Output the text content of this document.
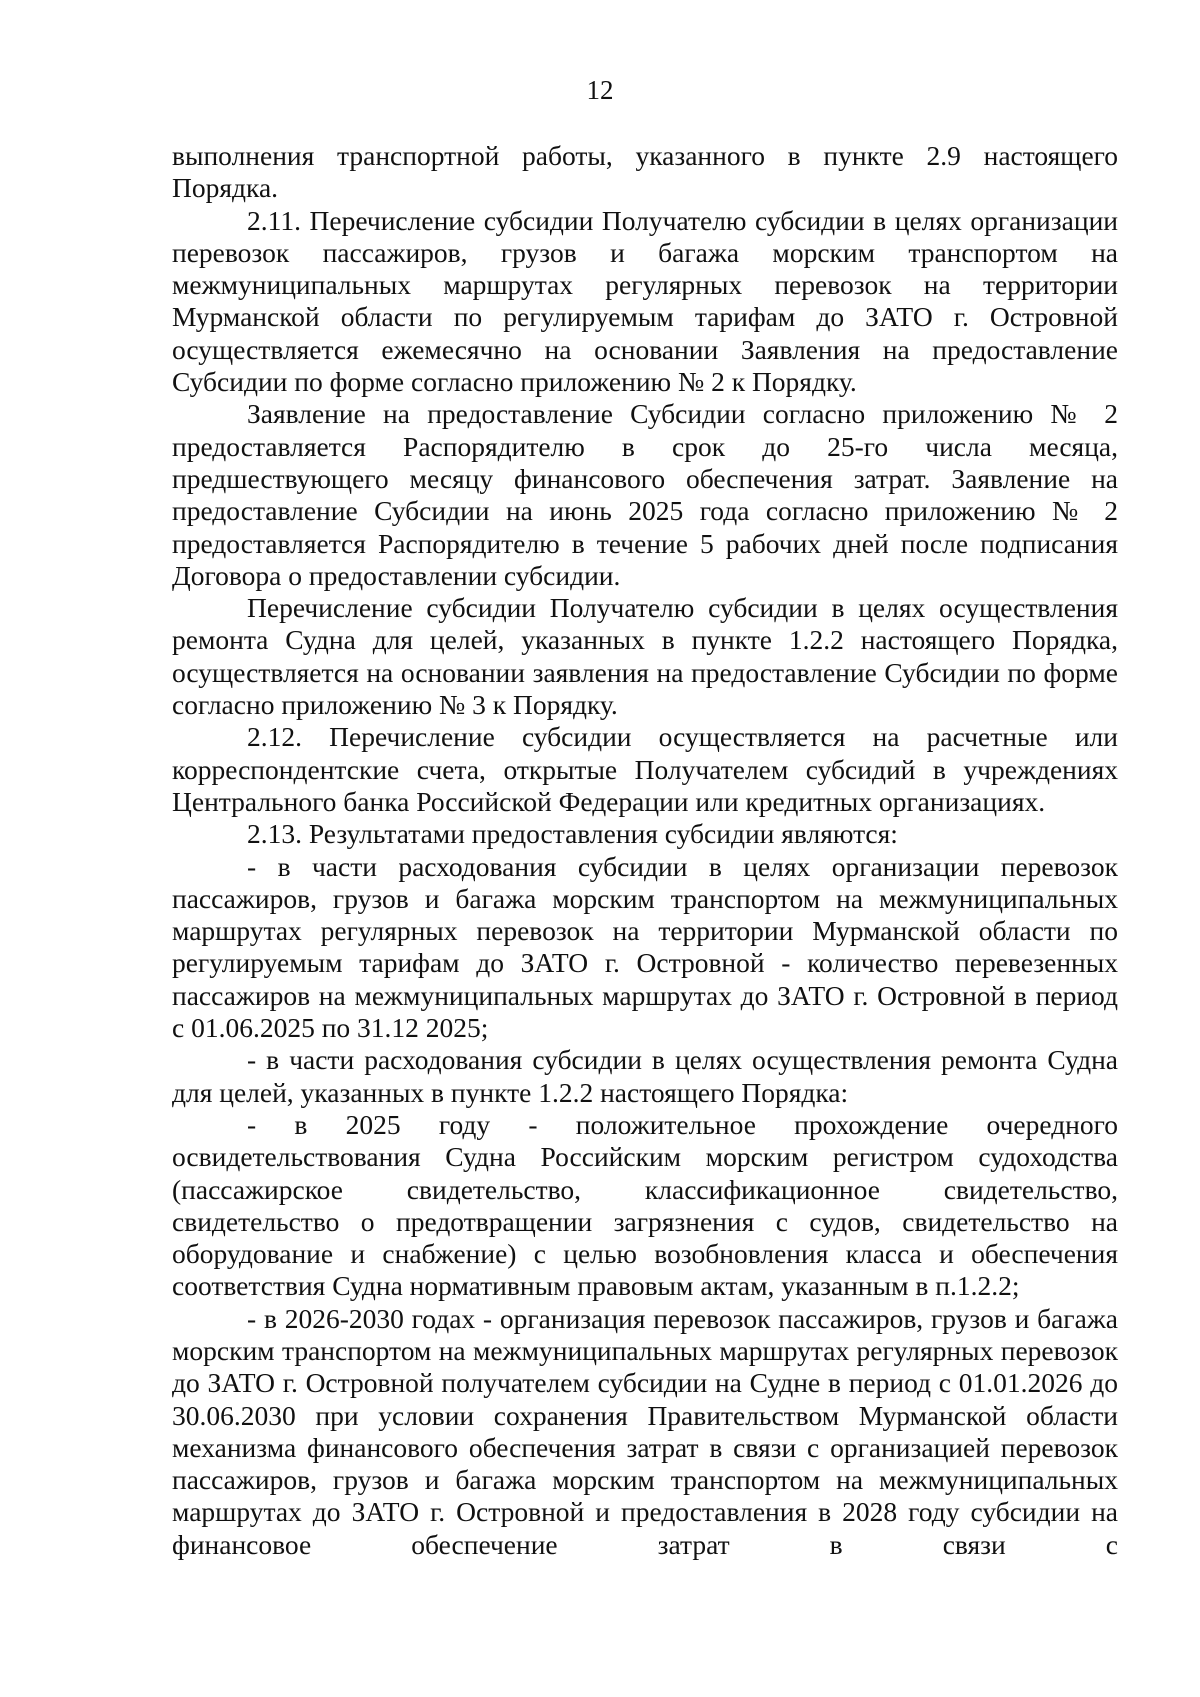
12

выполнения транспортной работы, указанного в пункте 2.9 настоящего Порядка.

2.11. Перечисление субсидии Получателю субсидии в целях организации перевозок пассажиров, грузов и багажа морским транспортом на межмуниципальных маршрутах регулярных перевозок на территории Мурманской области по регулируемым тарифам до ЗАТО г. Островной осуществляется ежемесячно на основании Заявления на предоставление Субсидии по форме согласно приложению № 2 к Порядку.

Заявление на предоставление Субсидии согласно приложению № 2 предоставляется Распорядителю в срок до 25-го числа месяца, предшествующего месяцу финансового обеспечения затрат. Заявление на предоставление Субсидии на июнь 2025 года согласно приложению № 2 предоставляется Распорядителю в течение 5 рабочих дней после подписания Договора о предоставлении субсидии.

Перечисление субсидии Получателю субсидии в целях осуществления ремонта Судна для целей, указанных в пункте 1.2.2 настоящего Порядка, осуществляется на основании заявления на предоставление Субсидии по форме согласно приложению № 3 к Порядку.

2.12. Перечисление субсидии осуществляется на расчетные или корреспондентские счета, открытые Получателем субсидий в учреждениях Центрального банка Российской Федерации или кредитных организациях.

2.13. Результатами предоставления субсидии являются:

- в части расходования субсидии в целях организации перевозок пассажиров, грузов и багажа морским транспортом на межмуниципальных маршрутах регулярных перевозок на территории Мурманской области по регулируемым тарифам до ЗАТО г. Островной - количество перевезенных пассажиров на межмуниципальных маршрутах до ЗАТО г. Островной в период с 01.06.2025 по 31.12 2025;

- в части расходования субсидии в целях осуществления ремонта Судна для целей, указанных в пункте 1.2.2 настоящего Порядка:

- в 2025 году - положительное прохождение очередного освидетельствования Судна Российским морским регистром судоходства (пассажирское свидетельство, классификационное свидетельство, свидетельство о предотвращении загрязнения с судов, свидетельство на оборудование и снабжение) с целью возобновления класса и обеспечения соответствия Судна нормативным правовым актам, указанным в п.1.2.2;

- в 2026-2030 годах - организация перевозок пассажиров, грузов и багажа морским транспортом на межмуниципальных маршрутах регулярных перевозок до ЗАТО г. Островной получателем субсидии на Судне в период с 01.01.2026 до 30.06.2030 при условии сохранения Правительством Мурманской области механизма финансового обеспечения затрат в связи с организацией перевозок пассажиров, грузов и багажа морским транспортом на межмуниципальных маршрутах до ЗАТО г. Островной и предоставления в 2028 году субсидии на финансовое обеспечение затрат в связи с
